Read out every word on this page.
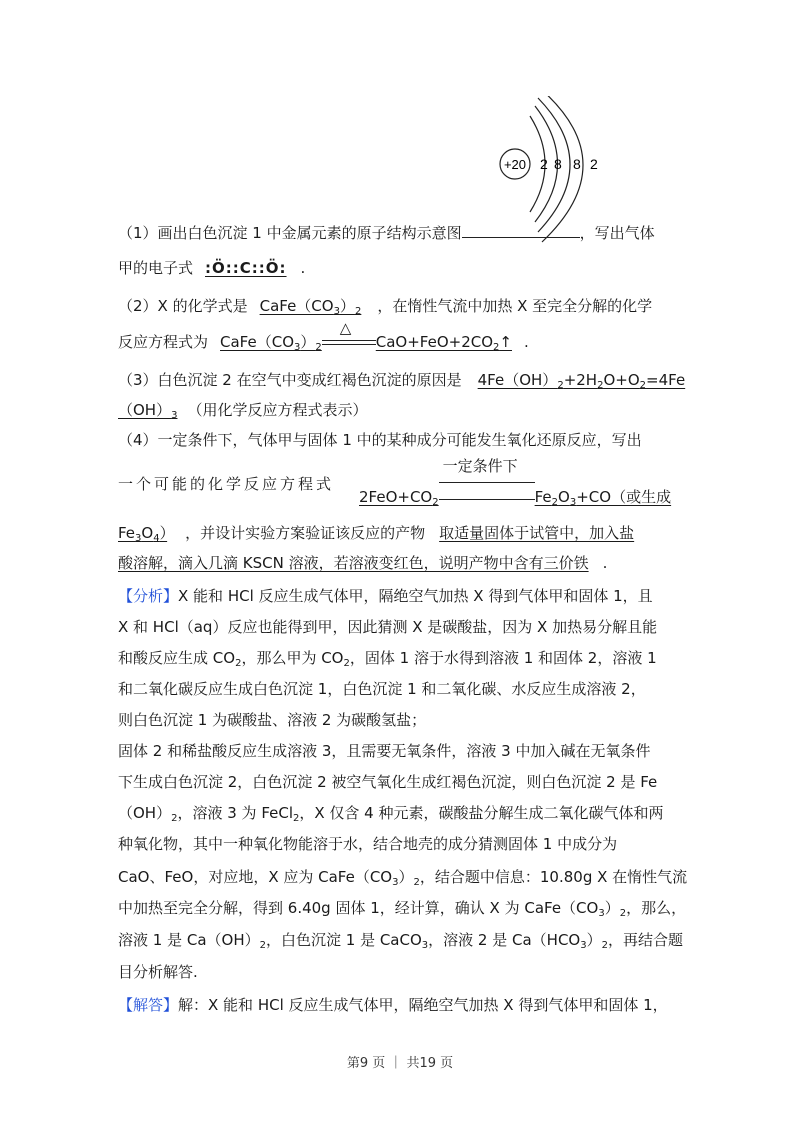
+20 2 8 8 2
（1）画出白色沉淀 1 中金属元素的原子结构示意图	，写出气体
甲的电子式 :Ö::C::Ö: .
（2）X 的化学式是 $CaFe(CO_3)_2$ ，在惰性气流中加热 X 至完全分解的化学
反应方程式为 $CaFe(CO_3)_2$
△
$CaO+FeO+2CO_2↑$ .
（3）白色沉淀 2 在空气中变成红褐色沉淀的原因是 $4Fe(OH)_2+2H_2O+O_2=4Fe$
$(OH)_3$ （用化学反应方程式表示）
（4）一定条件下，气体甲与固体 1 中的某种成分可能发生氧化还原反应，写出
一个可能的化学反应方程式
$2FeO+CO_2$
一定条件下
$Fe_2O_3+CO$（或生成
$Fe_3O_4$） ，并设计实验方案验证该反应的产物 取适量固体于试管中，加入盐
酸溶解，滴入几滴 KSCN 溶液，若溶液变红色，说明产物中含有三价铁 .
【分析】X 能和 HCl 反应生成气体甲，隔绝空气加热 X 得到气体甲和固体 1，且
X 和 HCl（aq）反应也能得到甲，因此猜测 X 是碳酸盐，因为 X 加热易分解且能
和酸反应生成 $CO_2$，那么甲为 $CO_2$，固体 1 溶于水得到溶液 1 和固体 2，溶液 1
和二氧化碳反应生成白色沉淀 1，白色沉淀 1 和二氧化碳、水反应生成溶液 2，
则白色沉淀 1 为碳酸盐、溶液 2 为碳酸氢盐；
固体 2 和稀盐酸反应生成溶液 3，且需要无氧条件，溶液 3 中加入碱在无氧条件
下生成白色沉淀 2，白色沉淀 2 被空气氧化生成红褐色沉淀，则白色沉淀 2 是 Fe
$(OH)_2$，溶液 3 为 FeCl$_2$，X 仅含 4 种元素，碳酸盐分解生成二氧化碳气体和两
种氧化物，其中一种氧化物能溶于水，结合地壳的成分猜测固体 1 中成分为
CaO、FeO，对应地，X 应为 $CaFe(CO_3)_2$，结合题中信息：10.80g X 在惰性气流
中加热至完全分解，得到 6.40g 固体 1，经计算，确认 X 为 $CaFe(CO_3)_2$，那么，
溶液 1 是 $Ca(OH)_2$，白色沉淀 1 是 CaCO$_3$，溶液 2 是 $Ca(HCO_3)_2$，再结合题
目分析解答.
【解答】解：X 能和 HCl 反应生成气体甲，隔绝空气加热 X 得到气体甲和固体 1，
第9 页 ｜ 共19 页
